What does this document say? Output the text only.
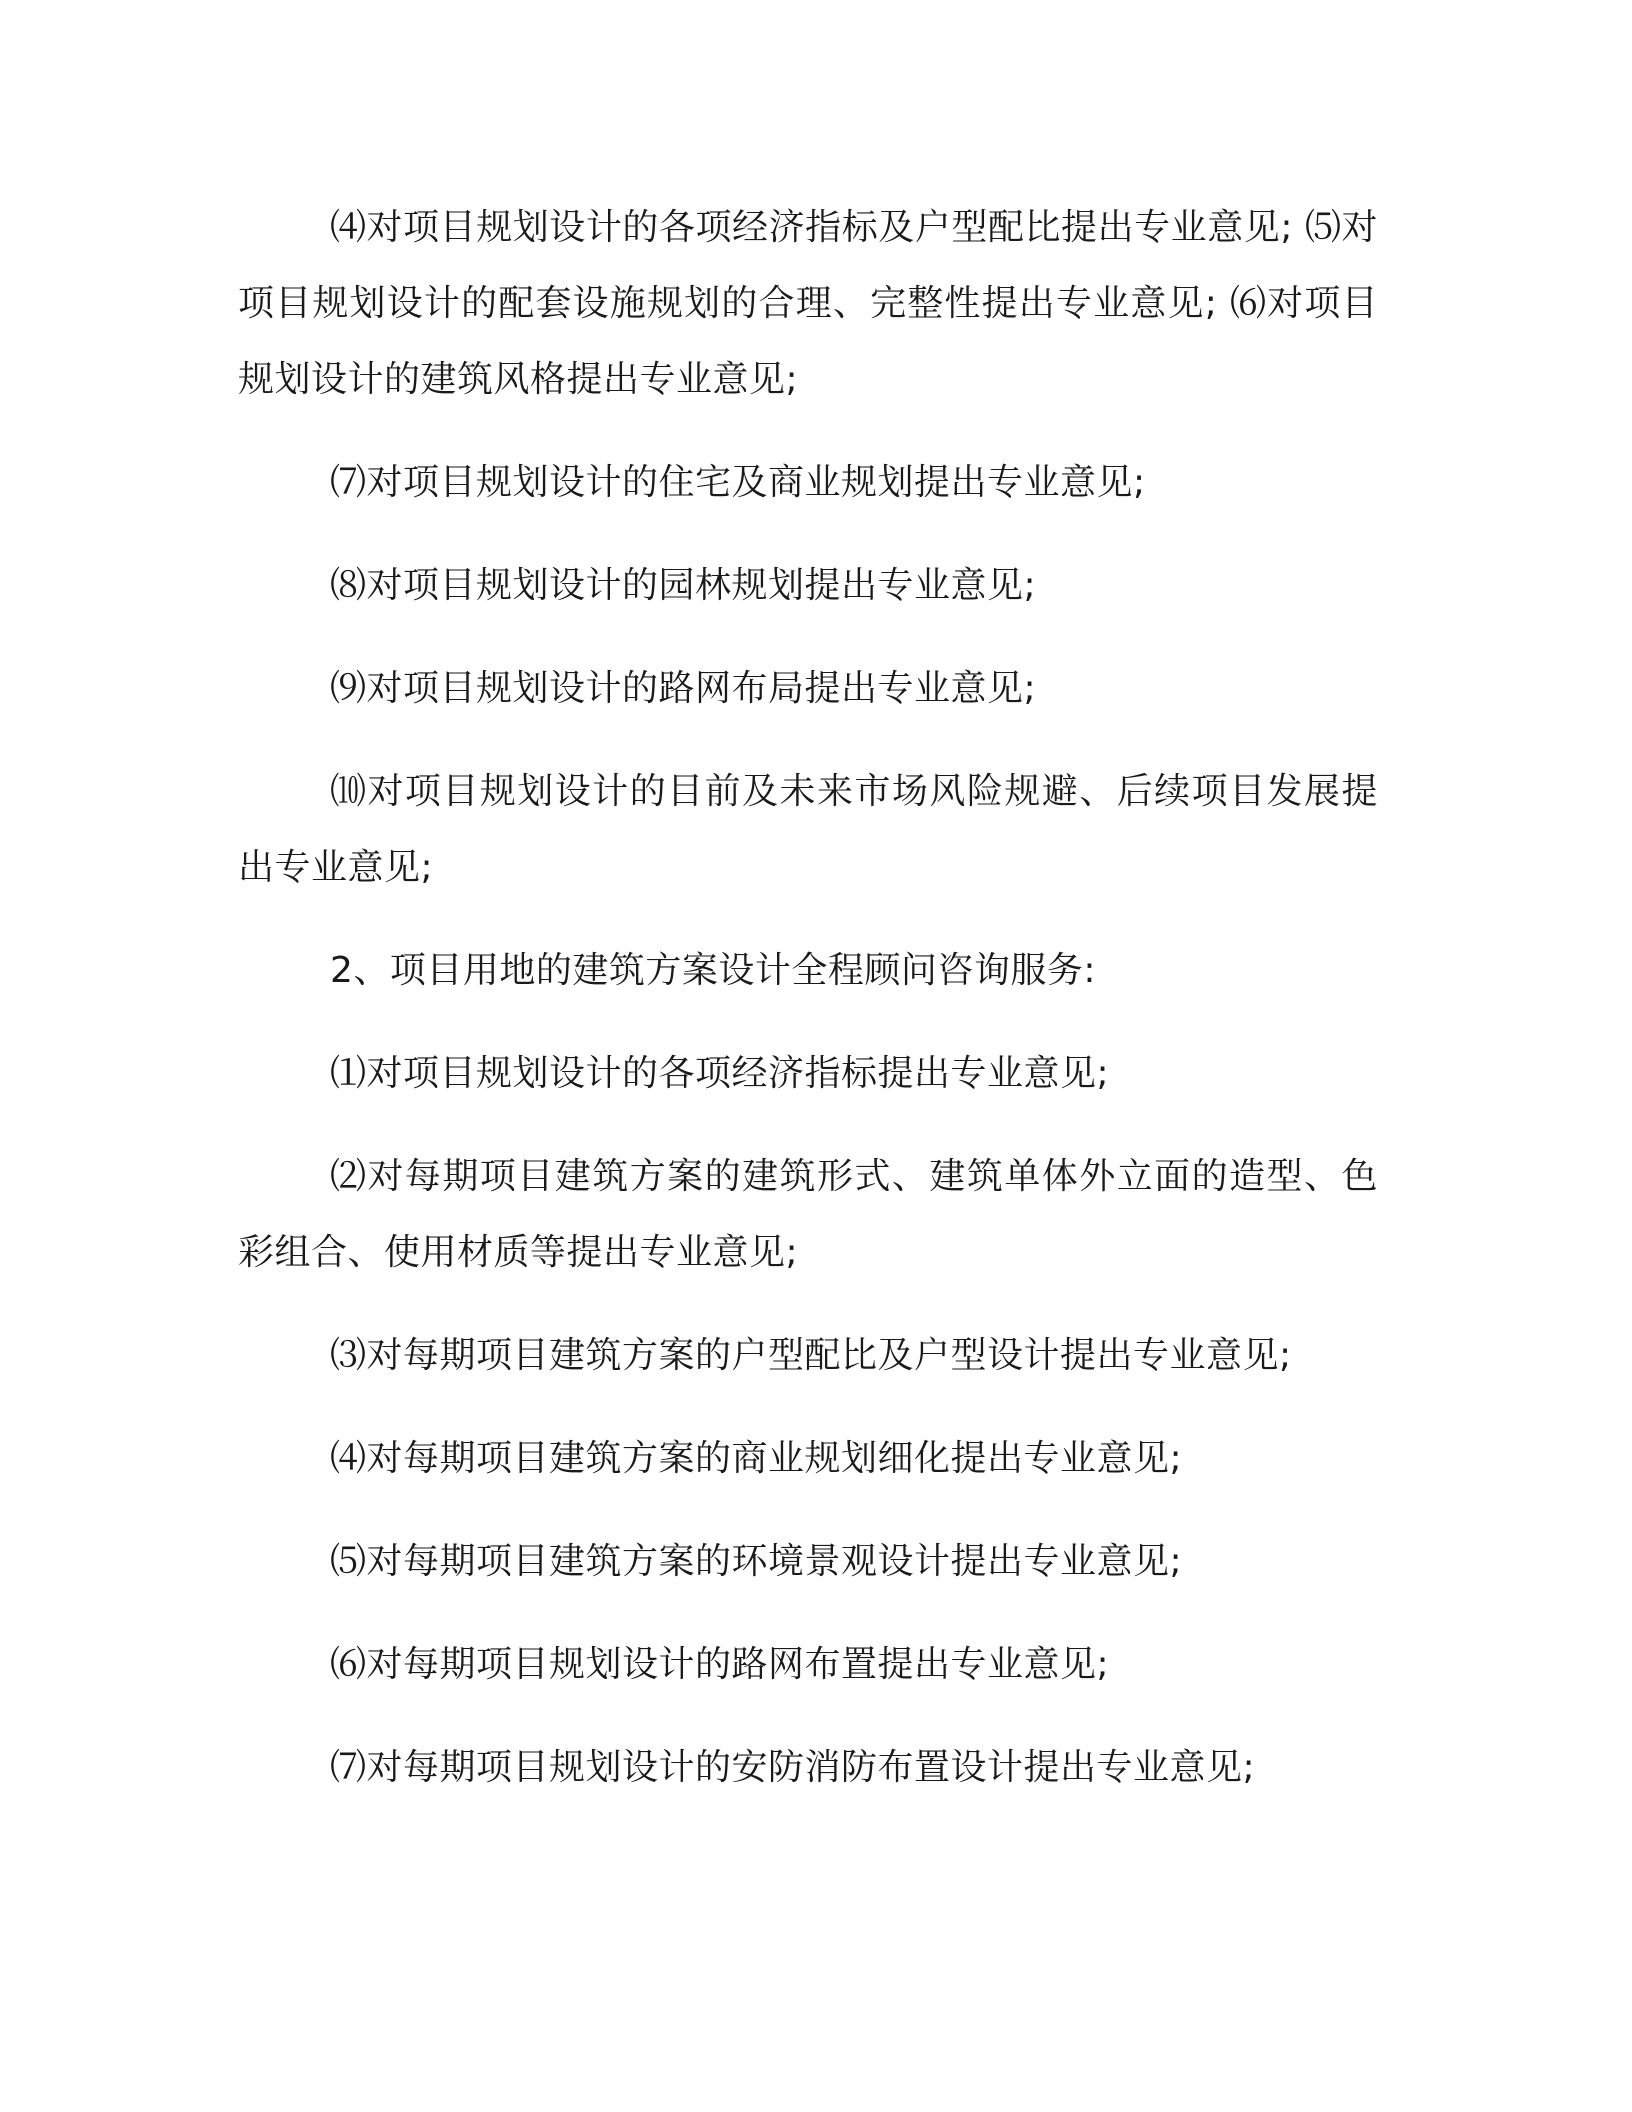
⑷对项目规划设计的各项经济指标及户型配比提出专业意见; ⑸对项目规划设计的配套设施规划的合理、完整性提出专业意见; ⑹对项目规划设计的建筑风格提出专业意见;

⑺对项目规划设计的住宅及商业规划提出专业意见;

⑻对项目规划设计的园林规划提出专业意见;

⑼对项目规划设计的路网布局提出专业意见;

⑽对项目规划设计的目前及未来市场风险规避、后续项目发展提出专业意见;

2、项目用地的建筑方案设计全程顾问咨询服务:

⑴对项目规划设计的各项经济指标提出专业意见;

⑵对每期项目建筑方案的建筑形式、建筑单体外立面的造型、色彩组合、使用材质等提出专业意见;

⑶对每期项目建筑方案的户型配比及户型设计提出专业意见;

⑷对每期项目建筑方案的商业规划细化提出专业意见;

⑸对每期项目建筑方案的环境景观设计提出专业意见;

⑹对每期项目规划设计的路网布置提出专业意见;

⑺对每期项目规划设计的安防消防布置设计提出专业意见;
